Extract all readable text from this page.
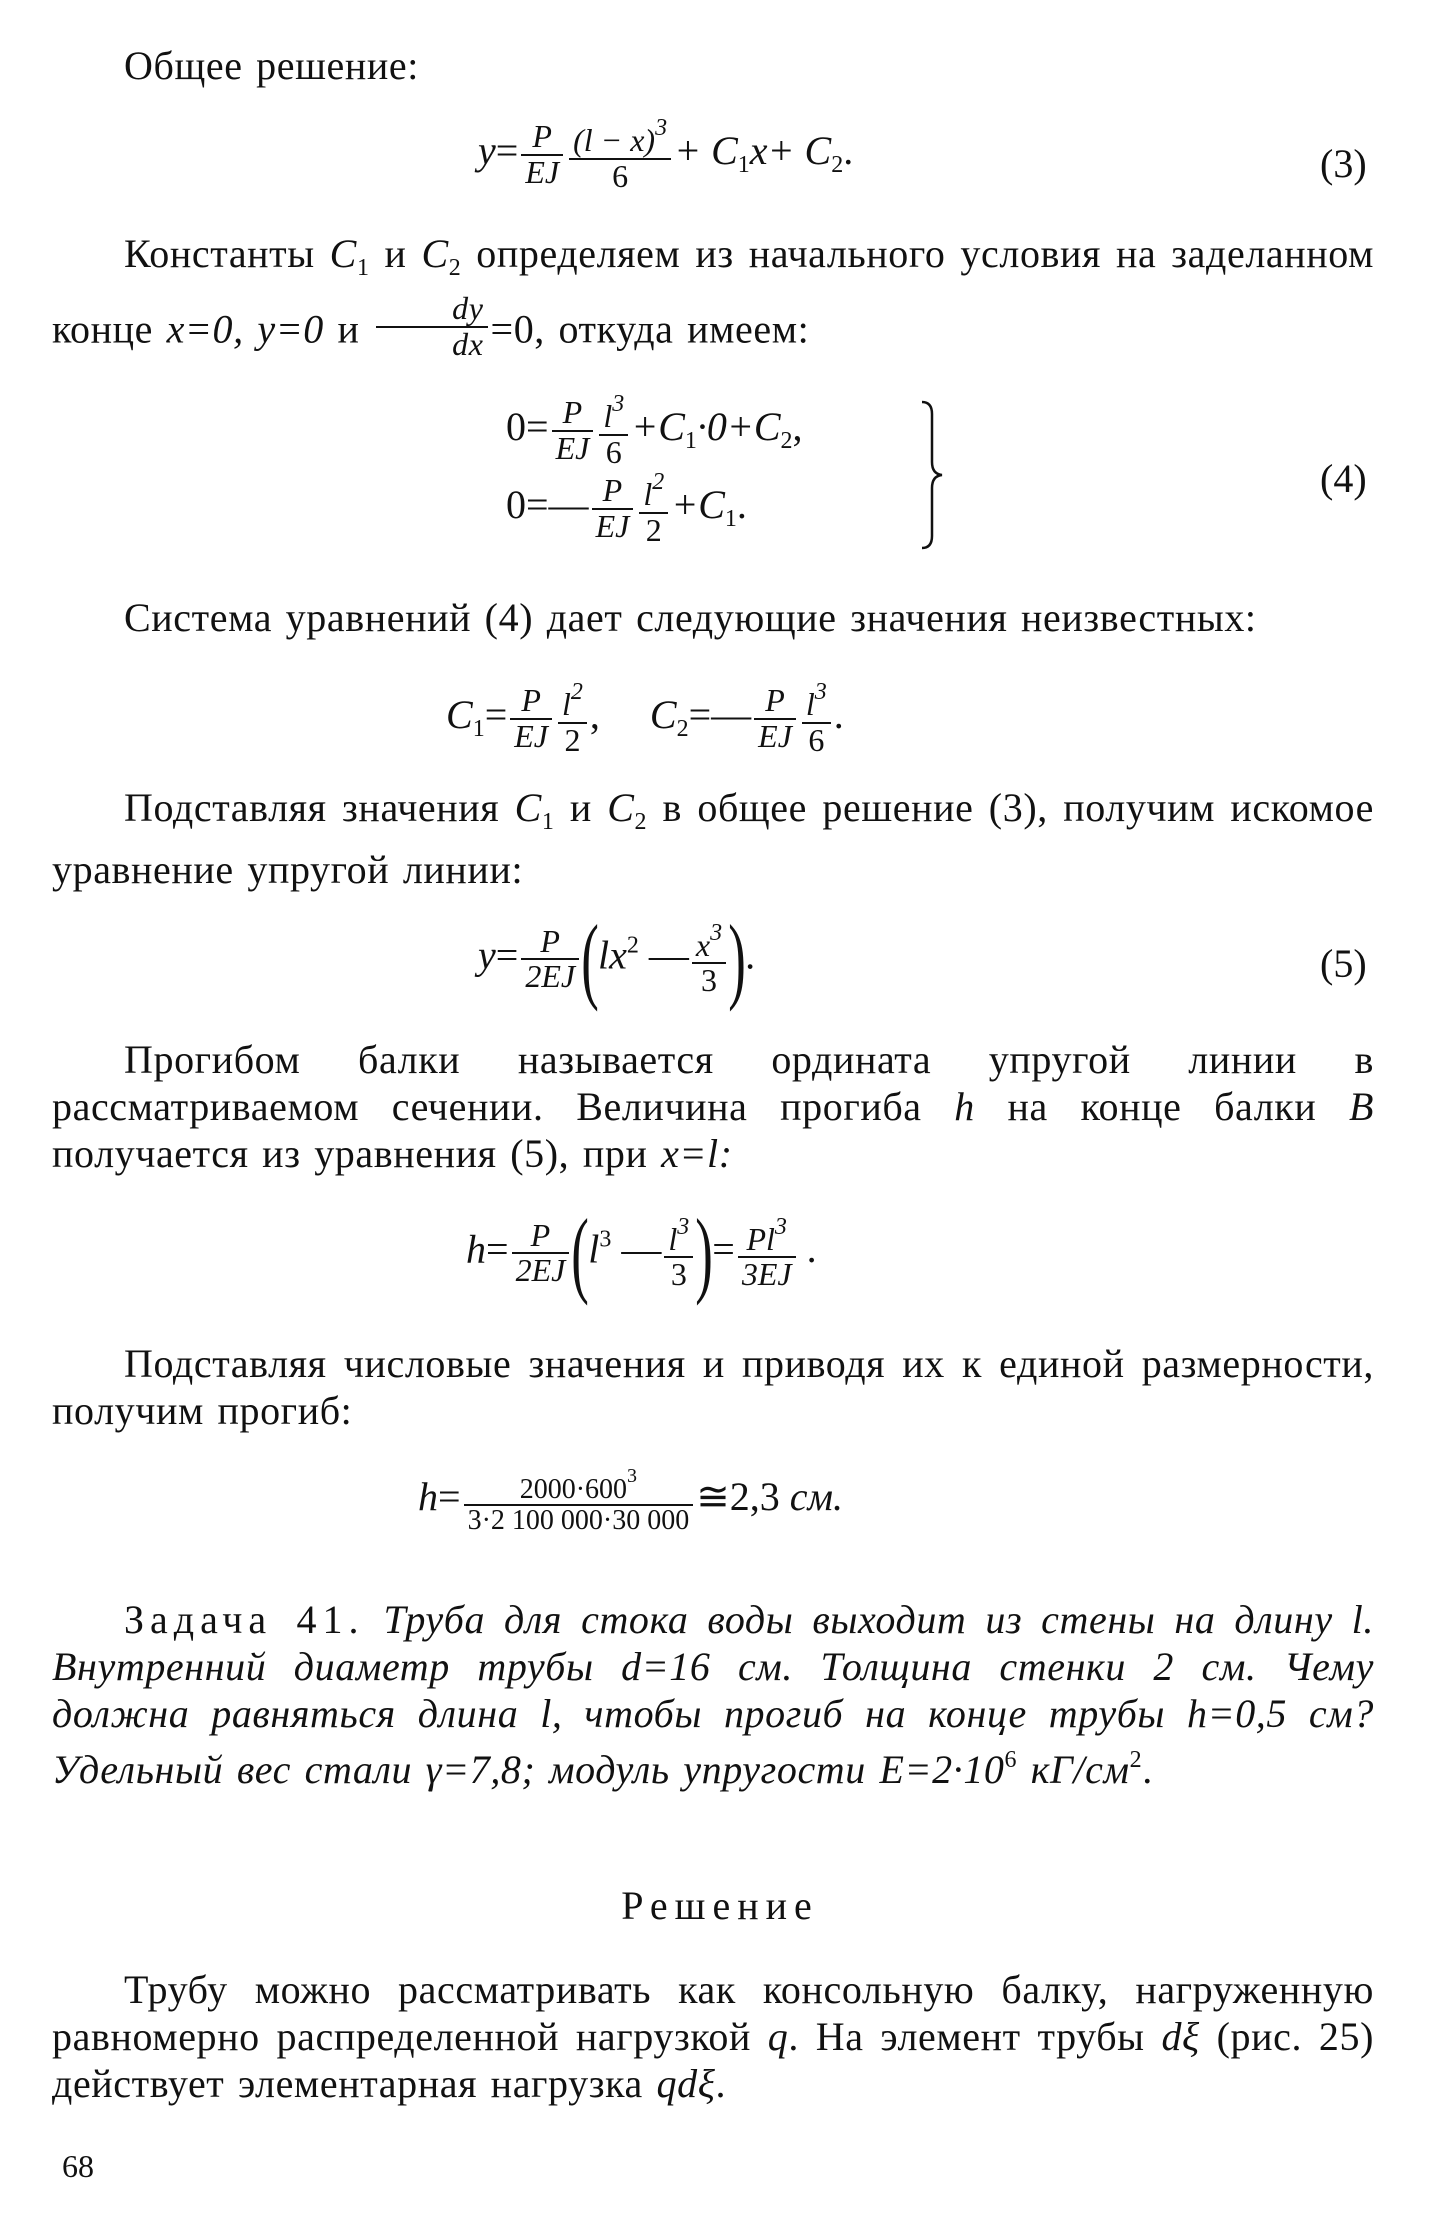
Общее решение:
$y= \frac{P}{EJ} \frac{(l - x)^3}{6} + C_1x+ C_2$.	(3)
Константы $C_1$ и $C_2$ определяем из начального условия на заделанном конце x=0, y=0 и $\frac{dy}{dx} =0$, откуда имеем:
$0= \frac{P}{EJ} \frac{l^3}{6} +C_1\cdot 0+C_2$,
0=— $\frac{P}{EJ} \frac{l^2}{2} +C_1$.
(4)
Система уравнений (4) дает следующие значения неизвестных:
$C_1= \frac{P}{EJ} \frac{l^2}{2}$ , $C_2=— \frac{P}{EJ} \frac{l^3}{6}$ .
Подставляя значения $C_1$ и $C_2$ в общее решение (3), получим искомое уравнение упругой линии:
$y= \frac{P}{2EJ} (lx^2$ — $\frac{x^3}{3}$ ).	(5)
Прогибом балки называется ордината упругой линии в рассматриваемом сечении. Величина прогиба h на конце балки B получается из уравнения (5), при x=l:
$h= \frac{P}{2EJ} (l^3$ — $\frac{l^3}{3}$ )= $\frac{Pl^3}{3EJ}$ .
Подставляя числовые значения и приводя их к единой размерности, получим прогиб:
$h= \frac{2000\cdot 600^3}{3\cdot 2 100 000\cdot 30 000}$ ≅2,3 см.
Задача 41. Труба для стока воды выходит из стены на длину l. Внутренний диаметр трубы d=16 см. Толщина стенки 2 см. Чему должна равняться длина l, чтобы прогиб на конце трубы h=0,5 см? Удельный вес стали γ=7,8; модуль упругости $E=2\cdot 10^6$ $кГ/см^2$.
Решение
Трубу можно рассматривать как консольную балку, нагруженную равномерно распределенной нагрузкой q. На элемент трубы dξ (рис. 25) действует элементарная нагрузка qdξ.
68
